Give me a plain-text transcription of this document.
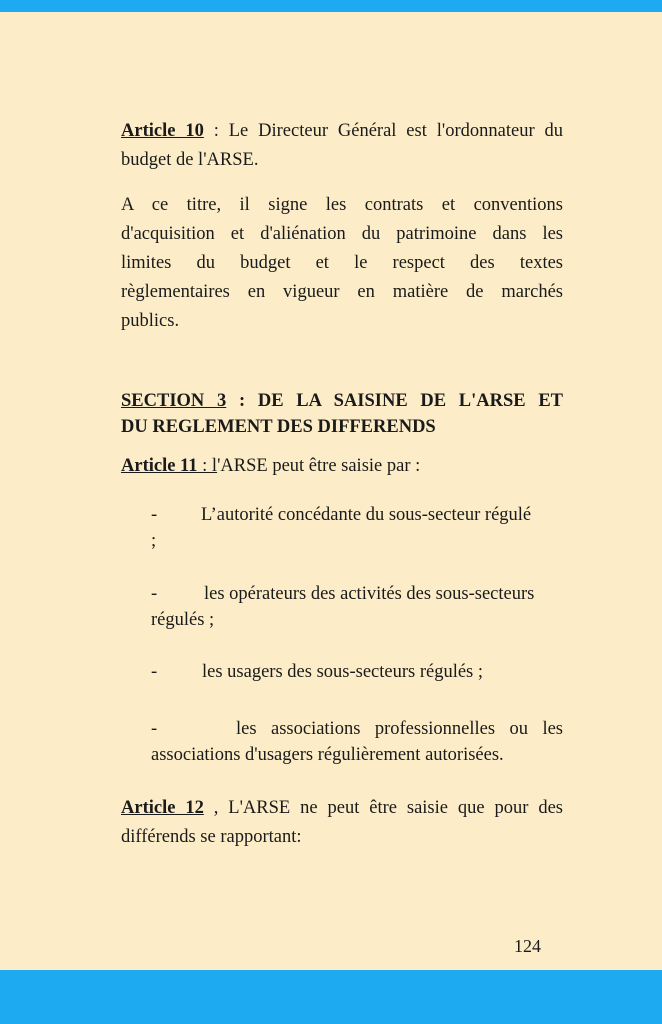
Article 10 : Le Directeur Général est l'ordonnateur du

budget de l'ARSE.

A ce titre, il signe les contrats et conventions

d'acquisition et d'aliénation du patrimoine dans les

limites du budget et le respect des textes

règlementaires en vigueur en matière de marchés

publics.

SECTION 3 : DE LA SAISINE DE L'ARSE ET

DU REGLEMENT DES DIFFERENDS

Article 11 : l'ARSE peut être saisie par :

-	L’autorité concédante du sous-secteur régulé

;

-	les opérateurs des activités des sous-secteurs

régulés ;

-	les usagers des sous-secteurs régulés ;

-	les associations professionnelles ou les

associations d'usagers régulièrement autorisées.

Article 12 , L'ARSE ne peut être saisie que pour des

différends se rapportant:

124
